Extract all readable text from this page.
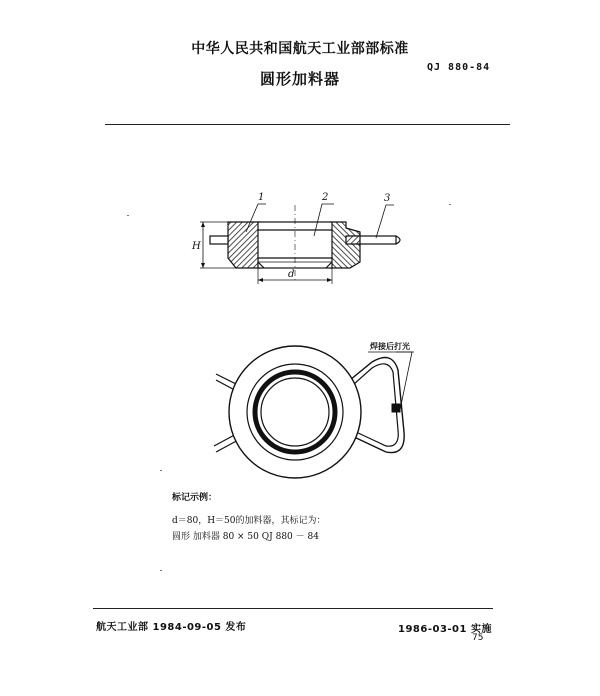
中华人民共和国航天工业部部标准
圆形加料器
QJ 880-84
1	2	3
H
d
焊接后打光
标记示例：
d＝80，H＝50的加料器，其标记为：
圆形 加料器 80 × 50 QJ 880 － 84
航天工业部 1984-09-05 发布	1986-03-01 实施
75
